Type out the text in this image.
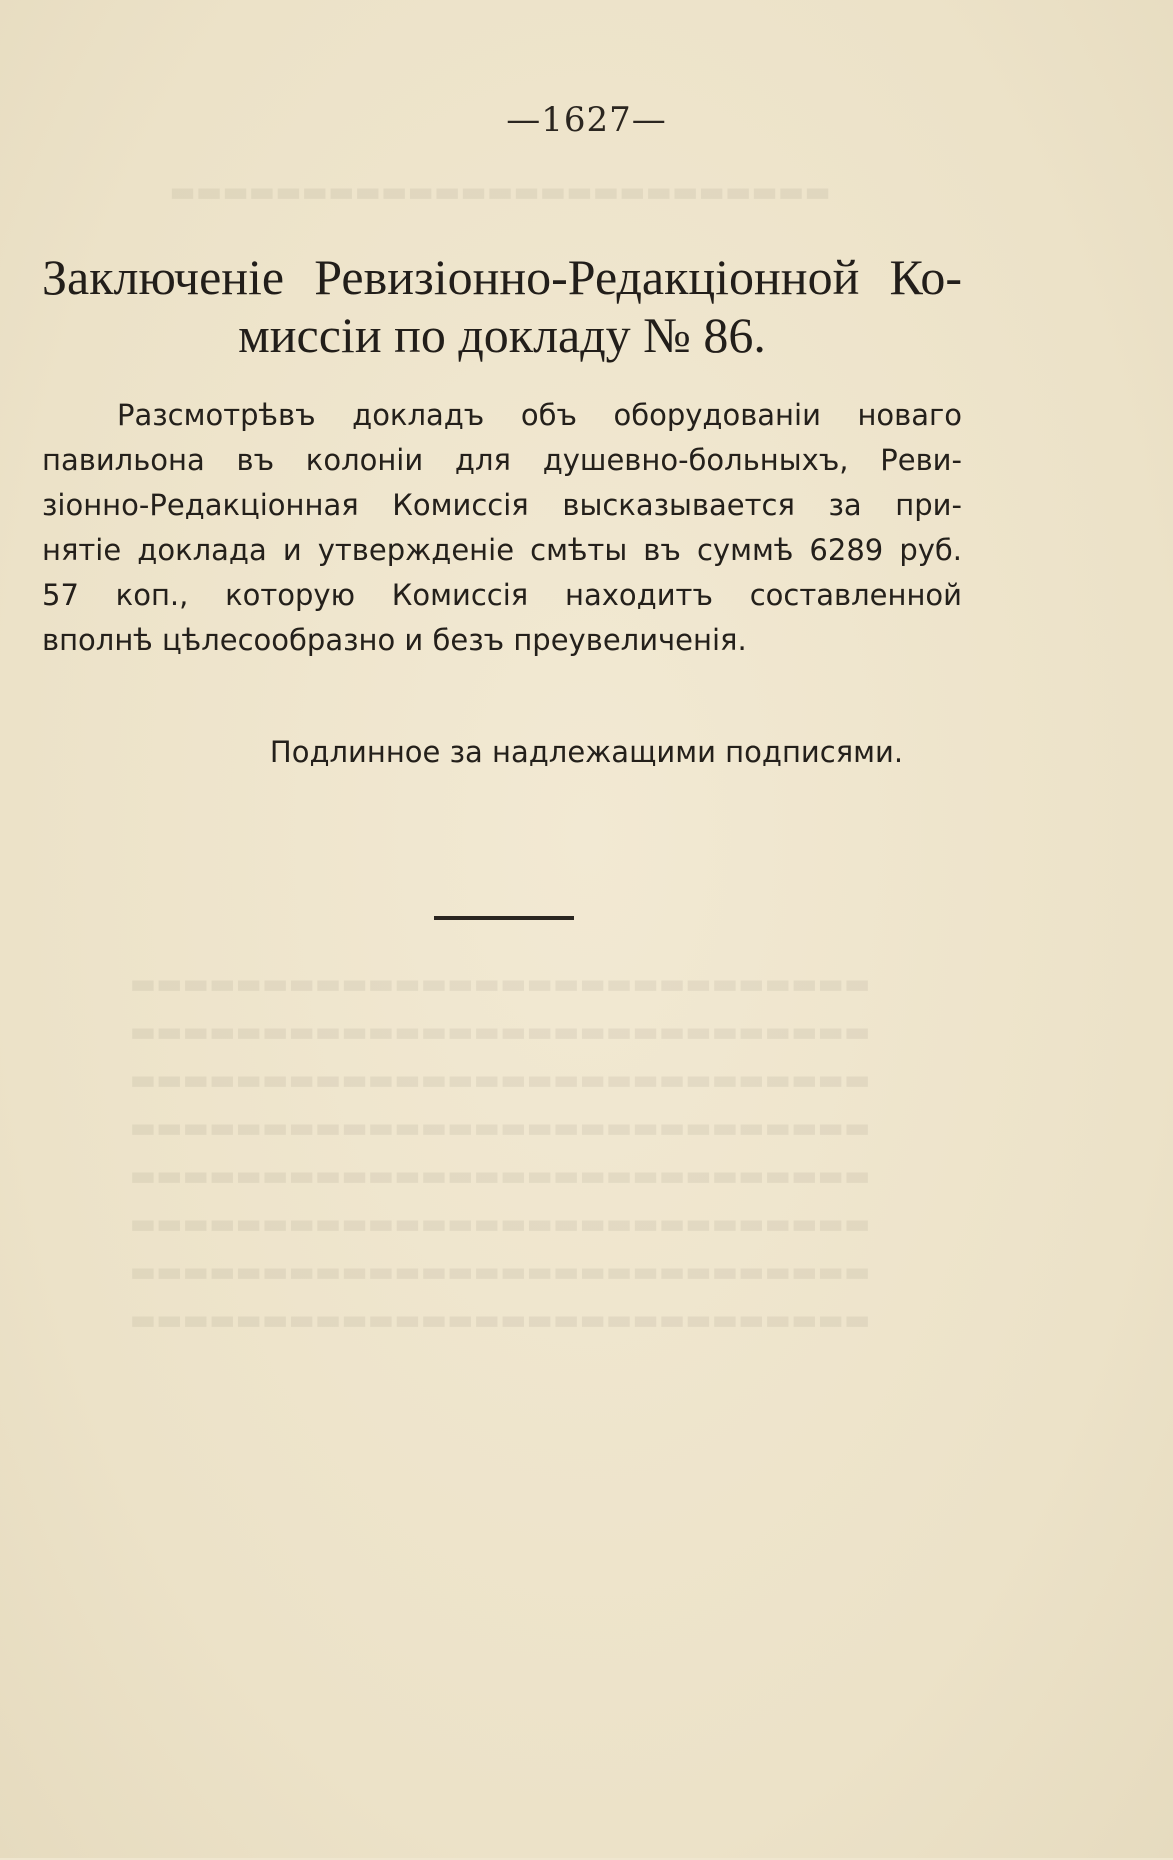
▬▬▬▬▬▬▬▬▬▬▬▬▬▬▬▬▬▬▬▬▬▬▬▬▬
▬▬▬▬▬▬▬▬▬▬▬▬▬▬▬▬▬▬▬▬▬▬▬▬▬▬▬▬ ▬▬▬▬▬▬▬▬▬▬▬▬▬▬▬▬▬▬▬▬▬▬▬▬▬▬▬▬ ▬▬▬▬▬▬▬▬▬▬▬▬▬▬▬▬▬▬▬▬▬▬▬▬▬▬▬▬ ▬▬▬▬▬▬▬▬▬▬▬▬▬▬▬▬▬▬▬▬▬▬▬▬▬▬▬▬ ▬▬▬▬▬▬▬▬▬▬▬▬▬▬▬▬▬▬▬▬▬▬▬▬▬▬▬▬ ▬▬▬▬▬▬▬▬▬▬▬▬▬▬▬▬▬▬▬▬▬▬▬▬▬▬▬▬ ▬▬▬▬▬▬▬▬▬▬▬▬▬▬▬▬▬▬▬▬▬▬▬▬▬▬▬▬ ▬▬▬▬▬▬▬▬▬▬▬▬▬▬▬▬▬▬▬▬▬▬▬▬▬▬▬▬
—1627—
Заключеніе Ревизіонно-Редакціонной Ко-
миссіи по докладу № 86.
Разсмотрѣвъ докладъ объ оборудованіи новаго
павильона въ колоніи для душевно-больныхъ, Реви-
зіонно-Редакціонная Комиссія высказывается за при-
нятіе доклада и утвержденіе смѣты въ суммѣ 6289 руб.
57 коп., которую Комиссія находитъ составленной
вполнѣ цѣлесообразно и безъ преувеличенія.
Подлинное за надлежащими подписями.
